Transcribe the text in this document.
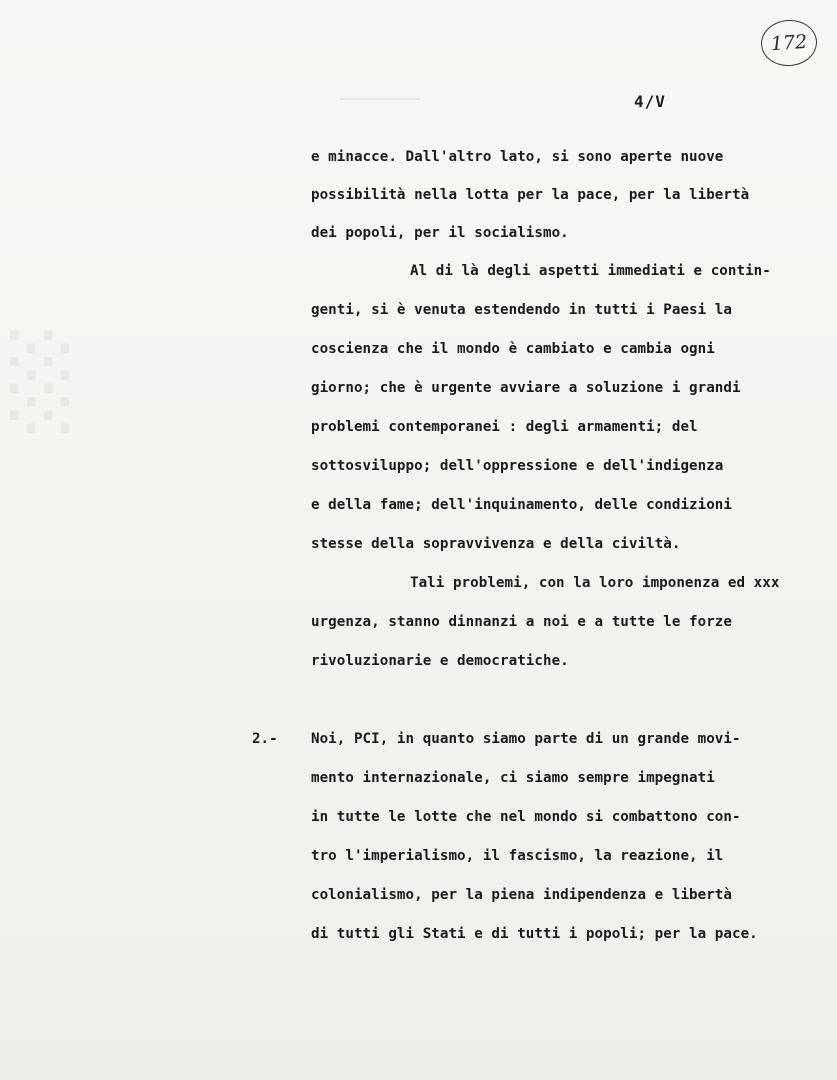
172
4/V
e minacce. Dall'altro lato, si sono aperte nuove
possibilità nella lotta per la pace, per la libertà
dei popoli, per il socialismo.
Al di là degli aspetti immediati e contin-
genti, si è venuta estendendo in tutti i Paesi la
coscienza che il mondo è cambiato e cambia ogni
giorno; che è urgente avviare a soluzione i grandi
problemi contemporanei : degli armamenti; del
sottosviluppo; dell'oppressione e dell'indigenza
e della fame; dell'inquinamento, delle condizioni
stesse della sopravvivenza e della civiltà.
Tali problemi, con la loro imponenza ed xxx
urgenza, stanno dinnanzi a noi e a tutte le forze
rivoluzionarie e democratiche.
2.- Noi, PCI, in quanto siamo parte di un grande movi-
mento internazionale, ci siamo sempre impegnati
in tutte le lotte che nel mondo si combattono con-
tro l'imperialismo, il fascismo, la reazione, il
colonialismo, per la piena indipendenza e libertà
di tutti gli Stati e di tutti i popoli; per la pace.
